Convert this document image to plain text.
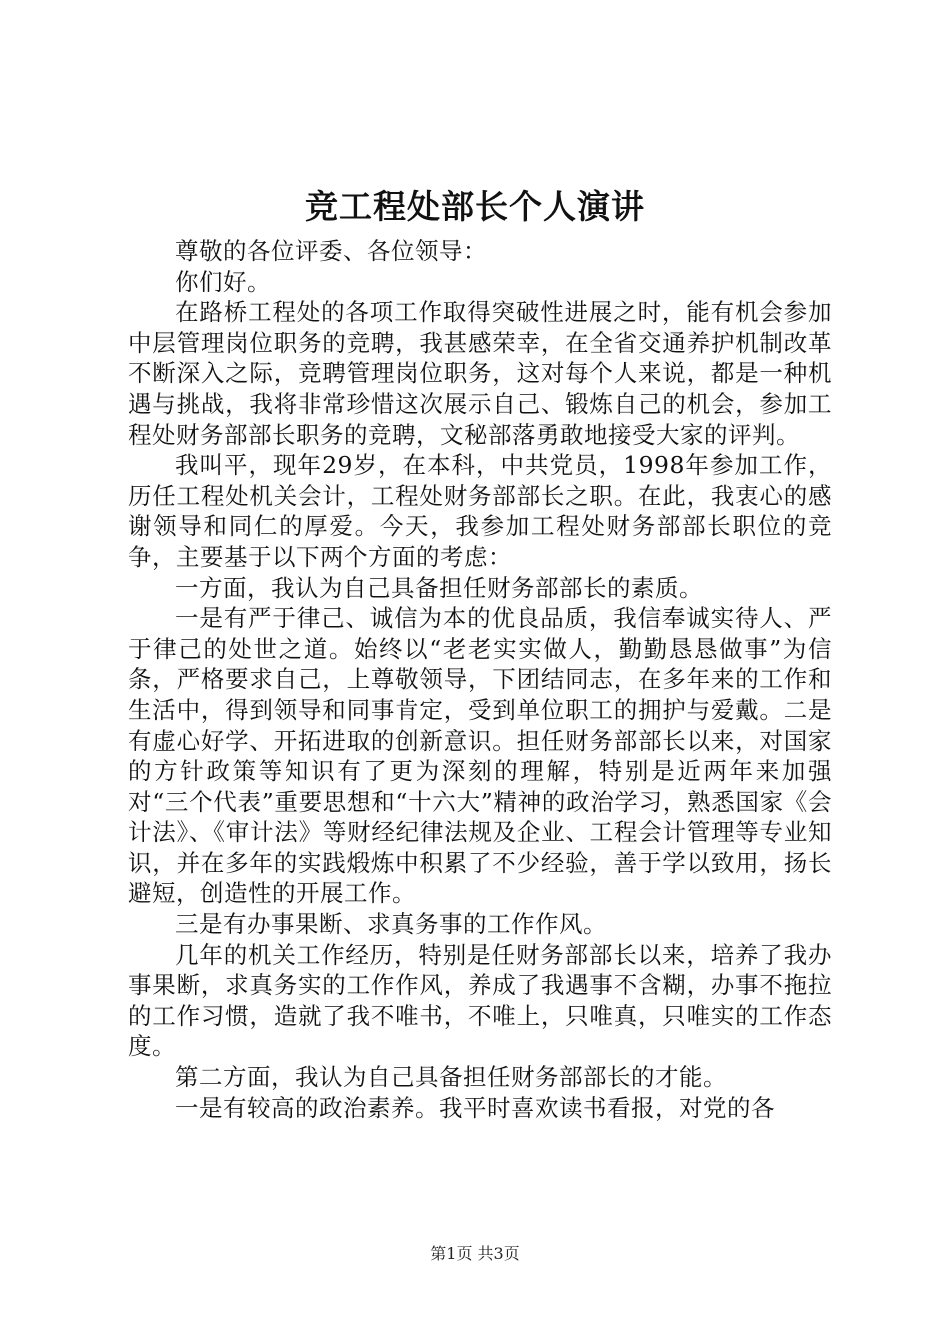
竞工程处部长个人演讲

尊敬的各位评委、各位领导：

你们好。

在路桥工程处的各项工作取得突破性进展之时，能有机会参加中层管理岗位职务的竞聘，我甚感荣幸，在全省交通养护机制改革不断深入之际，竞聘管理岗位职务，这对每个人来说，都是一种机遇与挑战，我将非常珍惜这次展示自己、锻炼自己的机会，参加工程处财务部部长职务的竞聘，文秘部落勇敢地接受大家的评判。

我叫平，现年29岁，在本科，中共党员，1998年参加工作，历任工程处机关会计，工程处财务部部长之职。在此，我衷心的感谢领导和同仁的厚爱。今天，我参加工程处财务部部长职位的竞争，主要基于以下两个方面的考虑：

一方面，我认为自己具备担任财务部部长的素质。

一是有严于律己、诚信为本的优良品质，我信奉诚实待人、严于律己的处世之道。始终以“老老实实做人，勤勤恳恳做事”为信条，严格要求自己，上尊敬领导，下团结同志，在多年来的工作和生活中，得到领导和同事肯定，受到单位职工的拥护与爱戴。二是有虚心好学、开拓进取的创新意识。担任财务部部长以来，对国家的方针政策等知识有了更为深刻的理解，特别是近两年来加强对“三个代表”重要思想和“十六大”精神的政治学习，熟悉国家《会计法》、《审计法》等财经纪律法规及企业、工程会计管理等专业知识，并在多年的实践煅炼中积累了不少经验，善于学以致用，扬长避短，创造性的开展工作。

三是有办事果断、求真务事的工作作风。

几年的机关工作经历，特别是任财务部部长以来，培养了我办事果断，求真务实的工作作风，养成了我遇事不含糊，办事不拖拉的工作习惯，造就了我不唯书，不唯上，只唯真，只唯实的工作态度。

第二方面，我认为自己具备担任财务部部长的才能。

一是有较高的政治素养。我平时喜欢读书看报，对党的各

第1页 共3页
